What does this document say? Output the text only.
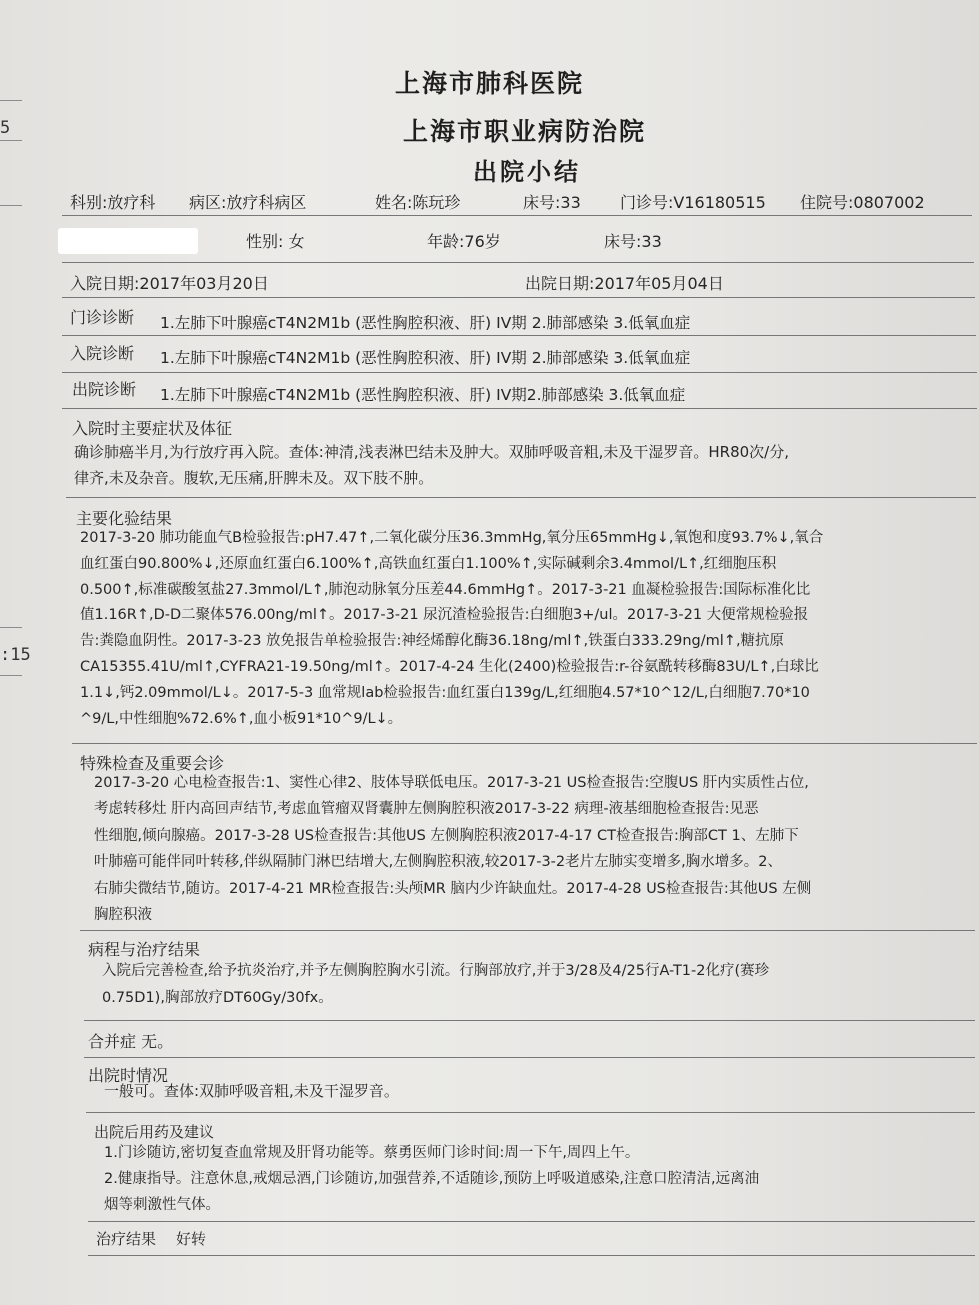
5
:15
上海市肺科医院
上海市职业病防治院
出院小结
科别:放疗科 病区:放疗科病区	姓名:陈玩珍	床号:33 门诊号:V16180515 住院号:0807002
性别: 女	年龄:76岁	床号:33
入院日期:2017年03月20日	出院日期:2017年05月04日
门诊诊断 1.左肺下叶腺癌cT4N2M1b (恶性胸腔积液、肝) IV期 2.肺部感染 3.低氧血症
入院诊断 1.左肺下叶腺癌cT4N2M1b (恶性胸腔积液、肝) IV期 2.肺部感染 3.低氧血症
出院诊断 1.左肺下叶腺癌cT4N2M1b (恶性胸腔积液、肝) IV期2.肺部感染 3.低氧血症
入院时主要症状及体征
确诊肺癌半月,为行放疗再入院。查体:神清,浅表淋巴结未及肿大。双肺呼吸音粗,未及干湿罗音。HR80次/分,
律齐,未及杂音。腹软,无压痛,肝脾未及。双下肢不肿。
主要化验结果
2017-3-20 肺功能血气B检验报告:pH7.47↑,二氧化碳分压36.3mmHg,氧分压65mmHg↓,氧饱和度93.7%↓,氧合
血红蛋白90.800%↓,还原血红蛋白6.100%↑,高铁血红蛋白1.100%↑,实际碱剩余3.4mmol/L↑,红细胞压积
0.500↑,标准碳酸氢盐27.3mmol/L↑,肺泡动脉氧分压差44.6mmHg↑。2017-3-21 血凝检验报告:国际标准化比
值1.16R↑,D-D二聚体576.00ng/ml↑。2017-3-21 尿沉渣检验报告:白细胞3+/ul。2017-3-21 大便常规检验报
告:粪隐血阴性。2017-3-23 放免报告单检验报告:神经烯醇化酶36.18ng/ml↑,铁蛋白333.29ng/ml↑,糖抗原
CA15355.41U/ml↑,CYFRA21-19.50ng/ml↑。2017-4-24 生化(2400)检验报告:r-谷氨酰转移酶83U/L↑,白球比
1.1↓,钙2.09mmol/L↓。2017-5-3 血常规lab检验报告:血红蛋白139g/L,红细胞4.57*10^12/L,白细胞7.70*10
^9/L,中性细胞%72.6%↑,血小板91*10^9/L↓。
特殊检查及重要会诊
2017-3-20 心电检查报告:1、窦性心律2、肢体导联低电压。2017-3-21 US检查报告:空腹US 肝内实质性占位,
考虑转移灶 肝内高回声结节,考虑血管瘤双肾囊肿左侧胸腔积液2017-3-22 病理-液基细胞检查报告:见恶
性细胞,倾向腺癌。2017-3-28 US检查报告:其他US 左侧胸腔积液2017-4-17 CT检查报告:胸部CT 1、左肺下
叶肺癌可能伴同叶转移,伴纵隔肺门淋巴结增大,左侧胸腔积液,较2017-3-2老片左肺实变增多,胸水增多。2、
右肺尖微结节,随访。2017-4-21 MR检查报告:头颅MR 脑内少许缺血灶。2017-4-28 US检查报告:其他US 左侧
胸腔积液
病程与治疗结果
入院后完善检查,给予抗炎治疗,并予左侧胸腔胸水引流。行胸部放疗,并于3/28及4/25行A-T1-2化疗(赛珍
0.75D1),胸部放疗DT60Gy/30fx。
合并症 无。
出院时情况
一般可。查体:双肺呼吸音粗,未及干湿罗音。
出院后用药及建议
1.门诊随访,密切复查血常规及肝肾功能等。蔡勇医师门诊时间:周一下午,周四上午。
2.健康指导。注意休息,戒烟忌酒,门诊随访,加强营养,不适随诊,预防上呼吸道感染,注意口腔清洁,远离油
烟等刺激性气体。
治疗结果 好转
